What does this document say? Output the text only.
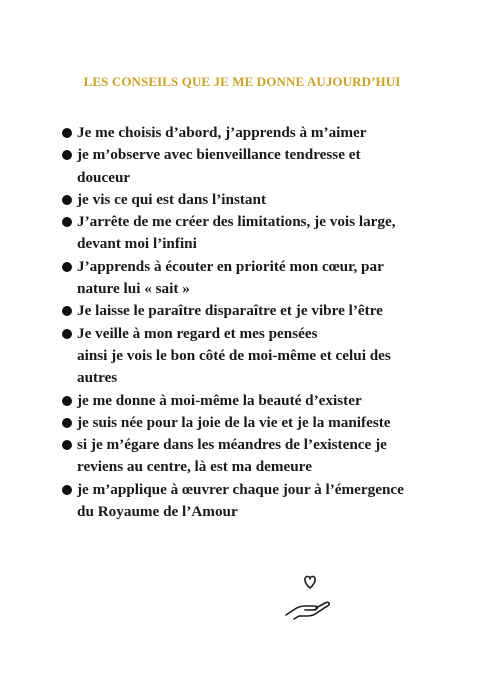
LES CONSEILS QUE JE ME DONNE AUJOURD’HUI
Je me choisis d’abord, j’apprends à m’aimer
je m’observe avec bienveillance tendresse et
douceur
je vis ce qui est dans l’instant
J’arrête de me créer des limitations, je vois large,
devant moi l’infini
J’apprends à écouter en priorité mon cœur, par
nature lui « sait »
Je laisse le paraître disparaître et je vibre l’être
Je veille à mon regard et mes pensées
ainsi je vois le bon côté de moi-même et celui des
autres
je me donne à moi-même la beauté d’exister
je suis née pour la joie de la vie et je la manifeste
si je m’égare dans les méandres de l’existence je
reviens au centre, là est ma demeure
je m’applique à œuvrer chaque jour à l’émergence
du Royaume de l’Amour
